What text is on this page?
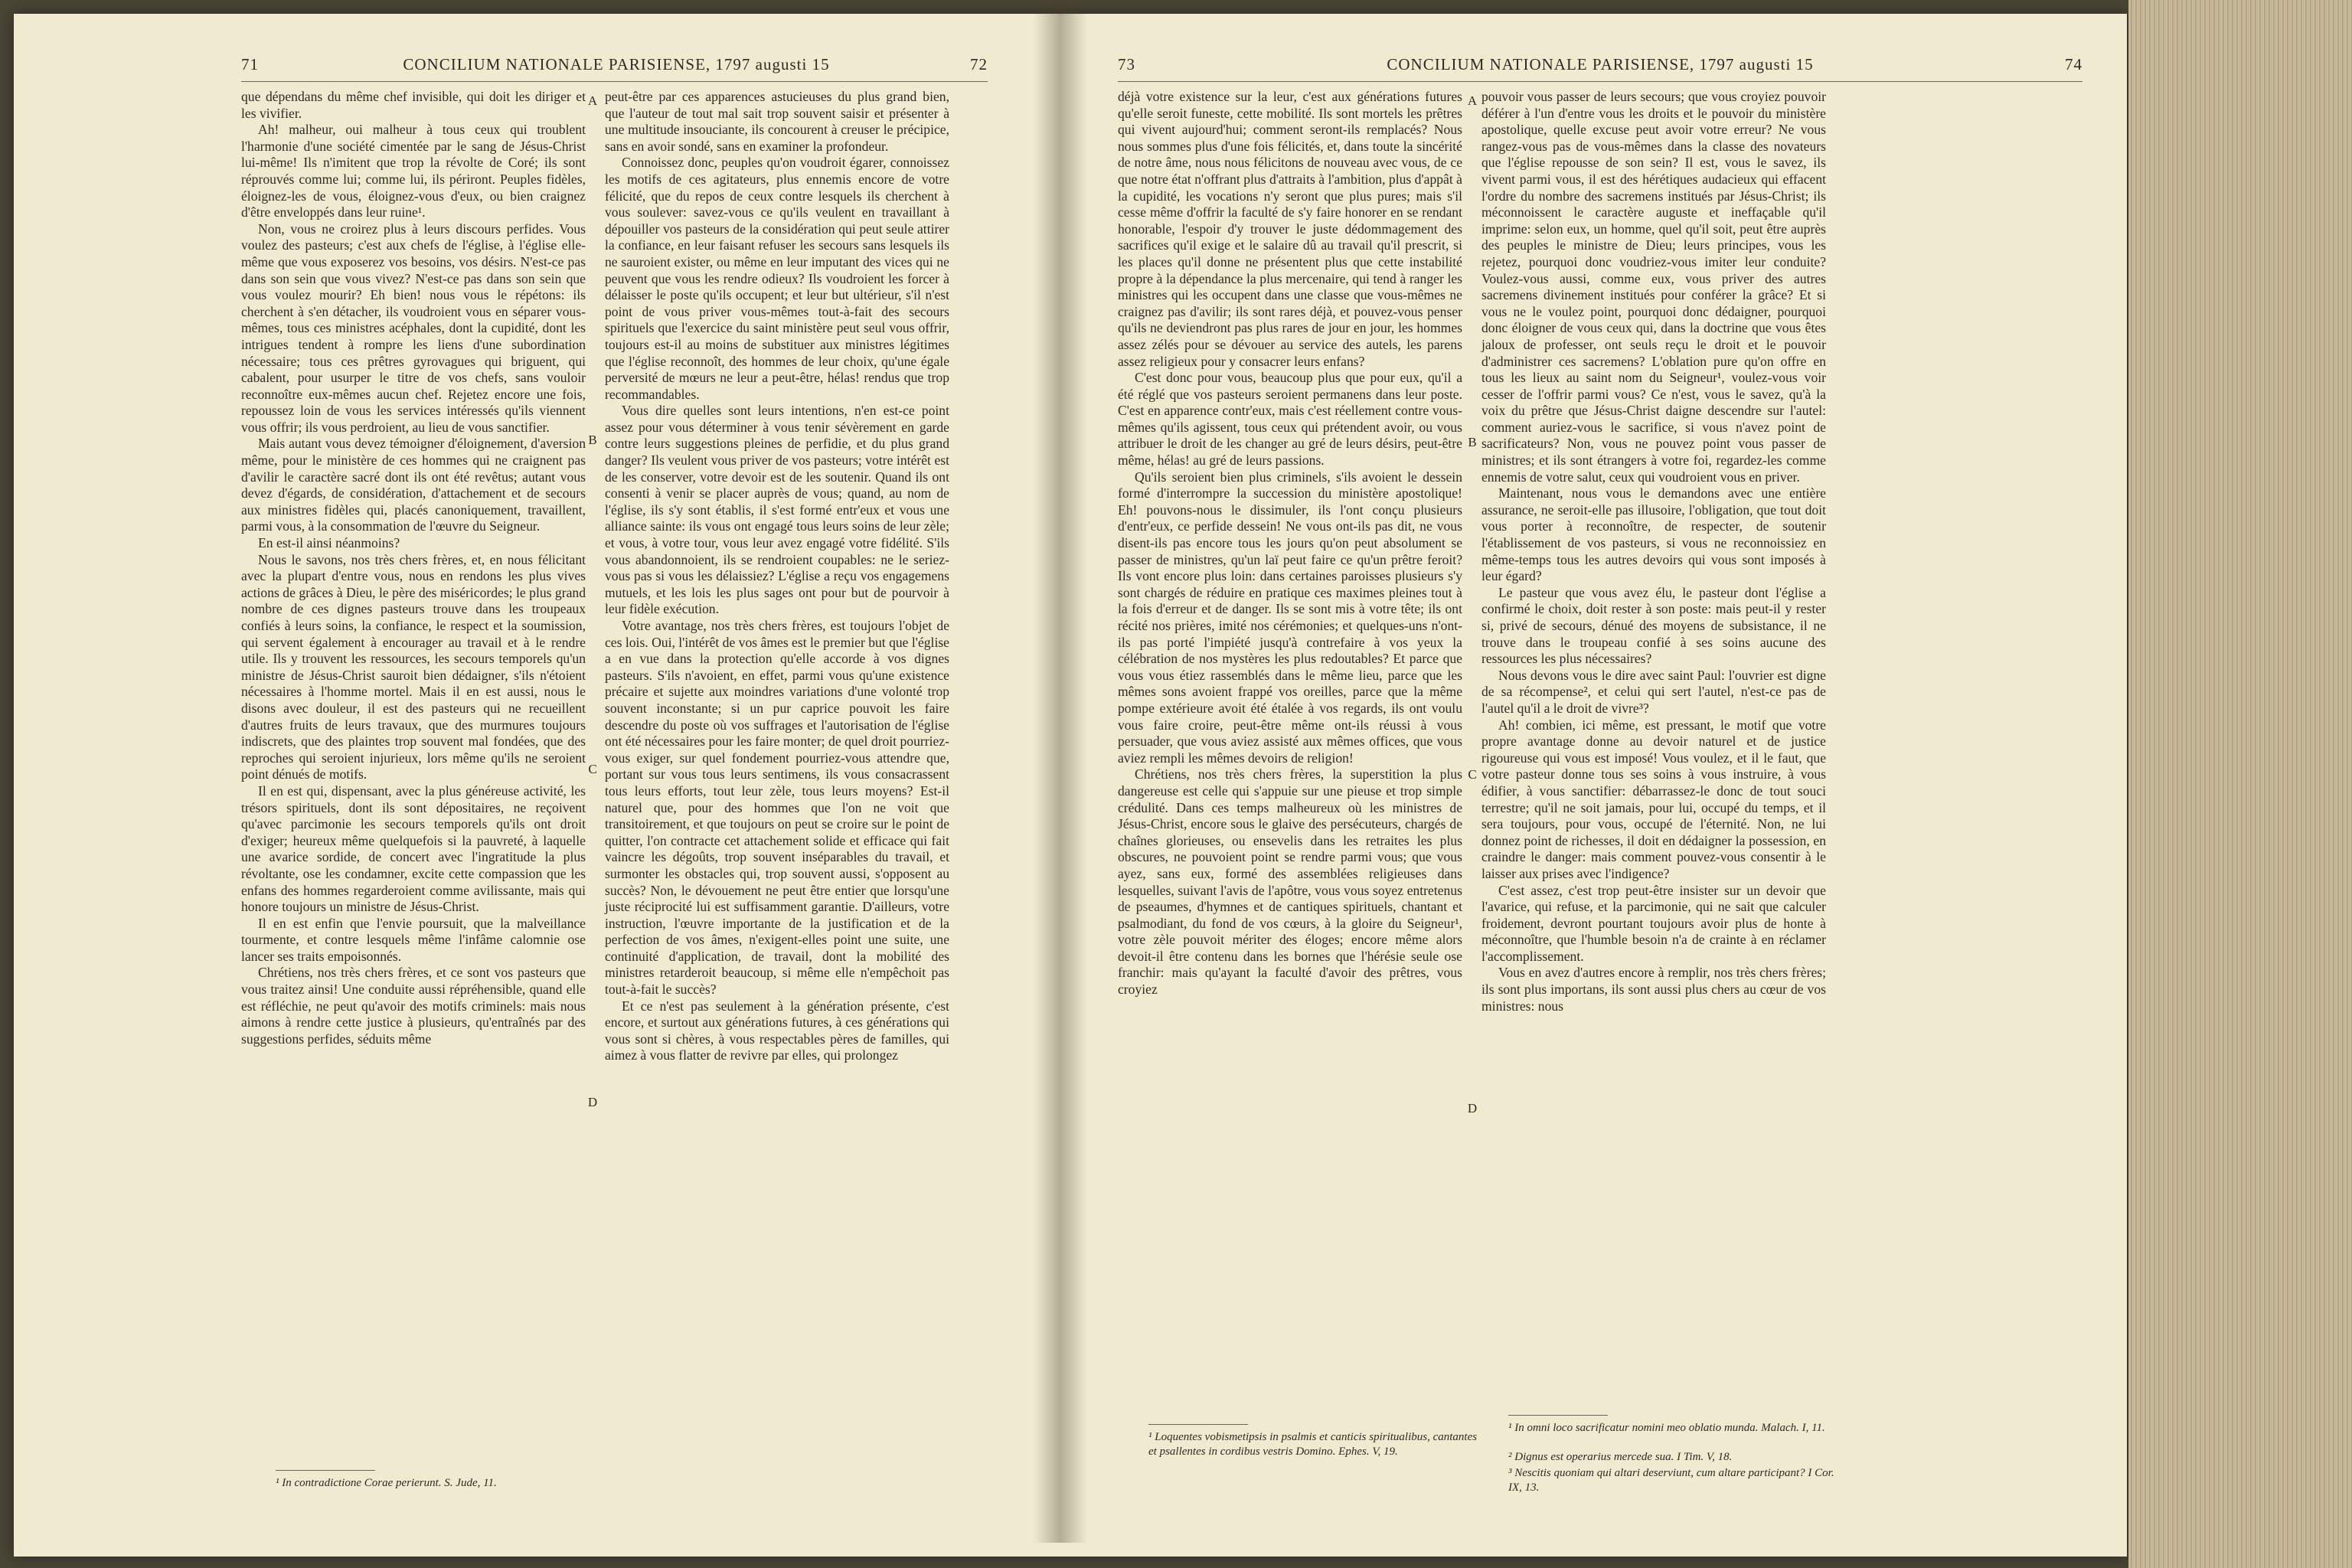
71	CONCILIUM NATIONALE PARISIENSE, 1797 augusti 15	72

que dépendans du même chef invisible, qui doit les diriger et les vivifier.

Ah! malheur, oui malheur à tous ceux qui troublent l'harmonie d'une société cimentée par le sang de Jésus-Christ lui-même! Ils n'imitent que trop la révolte de Coré; ils sont réprouvés comme lui; comme lui, ils périront. Peuples fidèles, éloignez-les de vous, éloignez-vous d'eux, ou bien craignez d'être enveloppés dans leur ruine¹.

Non, vous ne croirez plus à leurs discours perfides. Vous voulez des pasteurs; c'est aux chefs de l'église, à l'église elle-même que vous exposerez vos besoins, vos désirs. N'est-ce pas dans son sein que vous vivez? N'est-ce pas dans son sein que vous voulez mourir? Eh bien! nous vous le répétons: ils cherchent à s'en détacher, ils voudroient vous en séparer vous-mêmes, tous ces ministres acéphales, dont la cupidité, dont les intrigues tendent à rompre les liens d'une subordination nécessaire; tous ces prêtres gyrovagues qui briguent, qui cabalent, pour usurper le titre de vos chefs, sans vouloir reconnoître eux-mêmes aucun chef. Rejetez encore une fois, repoussez loin de vous les services intéressés qu'ils viennent vous offrir; ils vous perdroient, au lieu de vous sanctifier.

Mais autant vous devez témoigner d'éloignement, d'aversion même, pour le ministère de ces hommes qui ne craignent pas d'avilir le caractère sacré dont ils ont été revêtus; autant vous devez d'égards, de considération, d'attachement et de secours aux ministres fidèles qui, placés canoniquement, travaillent, parmi vous, à la consommation de l'œuvre du Seigneur.

En est-il ainsi néanmoins?

Nous le savons, nos très chers frères, et, en nous félicitant avec la plupart d'entre vous, nous en rendons les plus vives actions de grâces à Dieu, le père des miséricordes; le plus grand nombre de ces dignes pasteurs trouve dans les troupeaux confiés à leurs soins, la confiance, le respect et la soumission, qui servent également à encourager au travail et à le rendre utile. Ils y trouvent les ressources, les secours temporels qu'un ministre de Jésus-Christ sauroit bien dédaigner, s'ils n'étoient nécessaires à l'homme mortel. Mais il en est aussi, nous le disons avec douleur, il est des pasteurs qui ne recueillent d'autres fruits de leurs travaux, que des murmures toujours indiscrets, que des plaintes trop souvent mal fondées, que des reproches qui seroient injurieux, lors même qu'ils ne seroient point dénués de motifs.

Il en est qui, dispensant, avec la plus généreuse activité, les trésors spirituels, dont ils sont dépositaires, ne reçoivent qu'avec parcimonie les secours temporels qu'ils ont droit d'exiger; heureux même quelquefois si la pauvreté, à laquelle une avarice sordide, de concert avec l'ingratitude la plus révoltante, ose les condamner, excite cette compassion que les enfans des hommes regarderoient comme avilissante, mais qui honore toujours un ministre de Jésus-Christ.

Il en est enfin que l'envie poursuit, que la malveillance tourmente, et contre lesquels même l'infâme calomnie ose lancer ses traits empoisonnés.

Chrétiens, nos très chers frères, et ce sont vos pasteurs que vous traitez ainsi! Une conduite aussi répréhensible, quand elle est réfléchie, ne peut qu'avoir des motifs criminels: mais nous aimons à rendre cette justice à plusieurs, qu'entraînés par des suggestions perfides, séduits même

A
B
C
D

peut-être par ces apparences astucieuses du plus grand bien, que l'auteur de tout mal sait trop souvent saisir et présenter à une multitude insouciante, ils concourent à creuser le précipice, sans en avoir sondé, sans en examiner la profondeur.

Connoissez donc, peuples qu'on voudroit égarer, connoissez les motifs de ces agitateurs, plus ennemis encore de votre félicité, que du repos de ceux contre lesquels ils cherchent à vous soulever: savez-vous ce qu'ils veulent en travaillant à dépouiller vos pasteurs de la considération qui peut seule attirer la confiance, en leur faisant refuser les secours sans lesquels ils ne sauroient exister, ou même en leur imputant des vices qui ne peuvent que vous les rendre odieux? Ils voudroient les forcer à délaisser le poste qu'ils occupent; et leur but ultérieur, s'il n'est point de vous priver vous-mêmes tout-à-fait des secours spirituels que l'exercice du saint ministère peut seul vous offrir, toujours est-il au moins de substituer aux ministres légitimes que l'église reconnoît, des hommes de leur choix, qu'une égale perversité de mœurs ne leur a peut-être, hélas! rendus que trop recommandables.

Vous dire quelles sont leurs intentions, n'en est-ce point assez pour vous déterminer à vous tenir sévèrement en garde contre leurs suggestions pleines de perfidie, et du plus grand danger? Ils veulent vous priver de vos pasteurs; votre intérêt est de les conserver, votre devoir est de les soutenir. Quand ils ont consenti à venir se placer auprès de vous; quand, au nom de l'église, ils s'y sont établis, il s'est formé entr'eux et vous une alliance sainte: ils vous ont engagé tous leurs soins de leur zèle; et vous, à votre tour, vous leur avez engagé votre fidélité. S'ils vous abandonnoient, ils se rendroient coupables: ne le seriez-vous pas si vous les délaissiez? L'église a reçu vos engagemens mutuels, et les lois les plus sages ont pour but de pourvoir à leur fidèle exécution.

Votre avantage, nos très chers frères, est toujours l'objet de ces lois. Oui, l'intérêt de vos âmes est le premier but que l'église a en vue dans la protection qu'elle accorde à vos dignes pasteurs. S'ils n'avoient, en effet, parmi vous qu'une existence précaire et sujette aux moindres variations d'une volonté trop souvent inconstante; si un pur caprice pouvoit les faire descendre du poste où vos suffrages et l'autorisation de l'église ont été nécessaires pour les faire monter; de quel droit pourriez-vous exiger, sur quel fondement pourriez-vous attendre que, portant sur vous tous leurs sentimens, ils vous consacrassent tous leurs efforts, tout leur zèle, tous leurs moyens? Est-il naturel que, pour des hommes que l'on ne voit que transitoirement, et que toujours on peut se croire sur le point de quitter, l'on contracte cet attachement solide et efficace qui fait vaincre les dégoûts, trop souvent inséparables du travail, et surmonter les obstacles qui, trop souvent aussi, s'opposent au succès? Non, le dévouement ne peut être entier que lorsqu'une juste réciprocité lui est suffisamment garantie. D'ailleurs, votre instruction, l'œuvre importante de la justification et de la perfection de vos âmes, n'exigent-elles point une suite, une continuité d'application, de travail, dont la mobilité des ministres retarderoit beaucoup, si même elle n'empêchoit pas tout-à-fait le succès?

Et ce n'est pas seulement à la génération présente, c'est encore, et surtout aux générations futures, à ces générations qui vous sont si chères, à vous respectables pères de familles, qui aimez à vous flatter de revivre par elles, qui prolongez

¹ In contradictione Corae perierunt. S. Jude, 11.
73	CONCILIUM NATIONALE PARISIENSE, 1797 augusti 15	74

déjà votre existence sur la leur, c'est aux générations futures qu'elle seroit funeste, cette mobilité. Ils sont mortels les prêtres qui vivent aujourd'hui; comment seront-ils remplacés? Nous nous sommes plus d'une fois félicités, et, dans toute la sincérité de notre âme, nous nous félicitons de nouveau avec vous, de ce que notre état n'offrant plus d'attraits à l'ambition, plus d'appât à la cupidité, les vocations n'y seront que plus pures; mais s'il cesse même d'offrir la faculté de s'y faire honorer en se rendant honorable, l'espoir d'y trouver le juste dédommagement des sacrifices qu'il exige et le salaire dû au travail qu'il prescrit, si les places qu'il donne ne présentent plus que cette instabilité propre à la dépendance la plus mercenaire, qui tend à ranger les ministres qui les occupent dans une classe que vous-mêmes ne craignez pas d'avilir; ils sont rares déjà, et pouvez-vous penser qu'ils ne deviendront pas plus rares de jour en jour, les hommes assez zélés pour se dévouer au service des autels, les parens assez religieux pour y consacrer leurs enfans?

C'est donc pour vous, beaucoup plus que pour eux, qu'il a été réglé que vos pasteurs seroient permanens dans leur poste. C'est en apparence contr'eux, mais c'est réellement contre vous-mêmes qu'ils agissent, tous ceux qui prétendent avoir, ou vous attribuer le droit de les changer au gré de leurs désirs, peut-être même, hélas! au gré de leurs passions.

Qu'ils seroient bien plus criminels, s'ils avoient le dessein formé d'interrompre la succession du ministère apostolique! Eh! pouvons-nous le dissimuler, ils l'ont conçu plusieurs d'entr'eux, ce perfide dessein! Ne vous ont-ils pas dit, ne vous disent-ils pas encore tous les jours qu'on peut absolument se passer de ministres, qu'un laï peut faire ce qu'un prêtre feroit? Ils vont encore plus loin: dans certaines paroisses plusieurs s'y sont chargés de réduire en pratique ces maximes pleines tout à la fois d'erreur et de danger. Ils se sont mis à votre tête; ils ont récité nos prières, imité nos cérémonies; et quelques-uns n'ont-ils pas porté l'impiété jusqu'à contrefaire à vos yeux la célébration de nos mystères les plus redoutables? Et parce que vous vous étiez rassemblés dans le même lieu, parce que les mêmes sons avoient frappé vos oreilles, parce que la même pompe extérieure avoit été étalée à vos regards, ils ont voulu vous faire croire, peut-être même ont-ils réussi à vous persuader, que vous aviez assisté aux mêmes offices, que vous aviez rempli les mêmes devoirs de religion!

Chrétiens, nos très chers frères, la superstition la plus dangereuse est celle qui s'appuie sur une pieuse et trop simple crédulité. Dans ces temps malheureux où les ministres de Jésus-Christ, encore sous le glaive des persécuteurs, chargés de chaînes glorieuses, ou ensevelis dans les retraites les plus obscures, ne pouvoient point se rendre parmi vous; que vous ayez, sans eux, formé des assemblées religieuses dans lesquelles, suivant l'avis de l'apôtre, vous vous soyez entretenus de pseaumes, d'hymnes et de cantiques spirituels, chantant et psalmodiant, du fond de vos cœurs, à la gloire du Seigneur¹, votre zèle pouvoit mériter des éloges; encore même alors devoit-il être contenu dans les bornes que l'hérésie seule ose franchir: mais qu'ayant la faculté d'avoir des prêtres, vous croyiez

A
B
C
D

pouvoir vous passer de leurs secours; que vous croyiez pouvoir déférer à l'un d'entre vous les droits et le pouvoir du ministère apostolique, quelle excuse peut avoir votre erreur? Ne vous rangez-vous pas de vous-mêmes dans la classe des novateurs que l'église repousse de son sein? Il est, vous le savez, ils vivent parmi vous, il est des hérétiques audacieux qui effacent l'ordre du nombre des sacremens institués par Jésus-Christ; ils méconnoissent le caractère auguste et ineffaçable qu'il imprime: selon eux, un homme, quel qu'il soit, peut être auprès des peuples le ministre de Dieu; leurs principes, vous les rejetez, pourquoi donc voudriez-vous imiter leur conduite? Voulez-vous aussi, comme eux, vous priver des autres sacremens divinement institués pour conférer la grâce? Et si vous ne le voulez point, pourquoi donc dédaigner, pourquoi donc éloigner de vous ceux qui, dans la doctrine que vous êtes jaloux de professer, ont seuls reçu le droit et le pouvoir d'administrer ces sacremens? L'oblation pure qu'on offre en tous les lieux au saint nom du Seigneur¹, voulez-vous voir cesser de l'offrir parmi vous? Ce n'est, vous le savez, qu'à la voix du prêtre que Jésus-Christ daigne descendre sur l'autel: comment auriez-vous le sacrifice, si vous n'avez point de sacrificateurs? Non, vous ne pouvez point vous passer de ministres; et ils sont étrangers à votre foi, regardez-les comme ennemis de votre salut, ceux qui voudroient vous en priver.

Maintenant, nous vous le demandons avec une entière assurance, ne seroit-elle pas illusoire, l'obligation, que tout doit vous porter à reconnoître, de respecter, de soutenir l'établissement de vos pasteurs, si vous ne reconnoissiez en même-temps tous les autres devoirs qui vous sont imposés à leur égard?

Le pasteur que vous avez élu, le pasteur dont l'église a confirmé le choix, doit rester à son poste: mais peut-il y rester si, privé de secours, dénué des moyens de subsistance, il ne trouve dans le troupeau confié à ses soins aucune des ressources les plus nécessaires?

Nous devons vous le dire avec saint Paul: l'ouvrier est digne de sa récompense², et celui qui sert l'autel, n'est-ce pas de l'autel qu'il a le droit de vivre³?

Ah! combien, ici même, est pressant, le motif que votre propre avantage donne au devoir naturel et de justice rigoureuse qui vous est imposé! Vous voulez, et il le faut, que votre pasteur donne tous ses soins à vous instruire, à vous édifier, à vous sanctifier: débarrassez-le donc de tout souci terrestre; qu'il ne soit jamais, pour lui, occupé du temps, et il sera toujours, pour vous, occupé de l'éternité. Non, ne lui donnez point de richesses, il doit en dédaigner la possession, en craindre le danger: mais comment pouvez-vous consentir à le laisser aux prises avec l'indigence?

C'est assez, c'est trop peut-être insister sur un devoir que l'avarice, qui refuse, et la parcimonie, qui ne sait que calculer froidement, devront pourtant toujours avoir plus de honte à méconnoître, que l'humble besoin n'a de crainte à en réclamer l'accomplissement.

Vous en avez d'autres encore à remplir, nos très chers frères; ils sont plus importans, ils sont aussi plus chers au cœur de vos ministres: nous

¹ Loquentes vobismetipsis in psalmis et canticis spiritualibus, cantantes et psallentes in cordibus vestris Domino. Ephes. V, 19.
¹ In omni loco sacrificatur nomini meo oblatio munda. Malach. I, 11.
² Dignus est operarius mercede sua. I Tim. V, 18.
³ Nescitis quoniam qui altari deserviunt, cum altare participant? I Cor. IX, 13.
